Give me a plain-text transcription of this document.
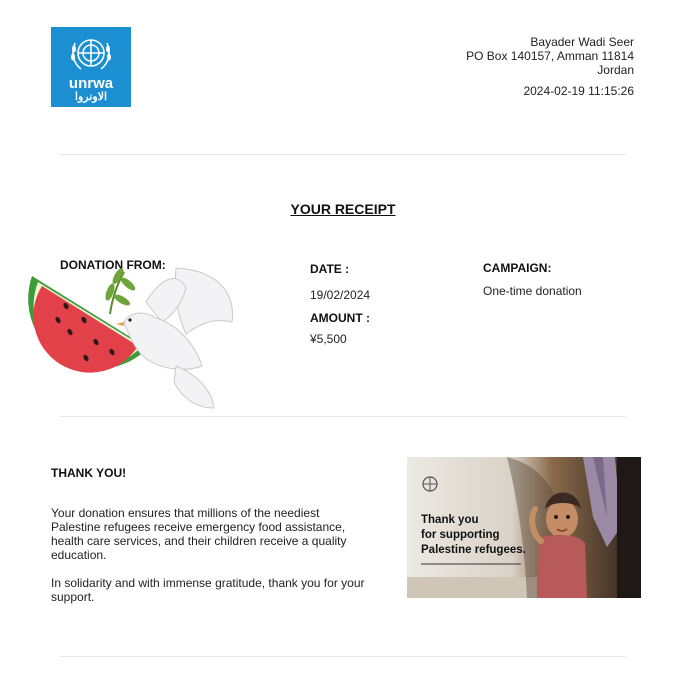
unrwa
الاونروا
Bayader Wadi Seer
PO Box 140157, Amman 11814
Jordan
2024-02-19 11:15:26
YOUR RECEIPT
DONATION FROM:	DATE :
19/02/2024
AMOUNT :
¥5,500
CAMPAIGN:
One-time donation
THANK YOU!
Your donation ensures that millions of the neediest Palestine refugees receive emergency food assistance, health care services, and their children receive a quality education.
In solidarity and with immense gratitude, thank you for your support.
Thank you
for supporting
Palestine refugees.
